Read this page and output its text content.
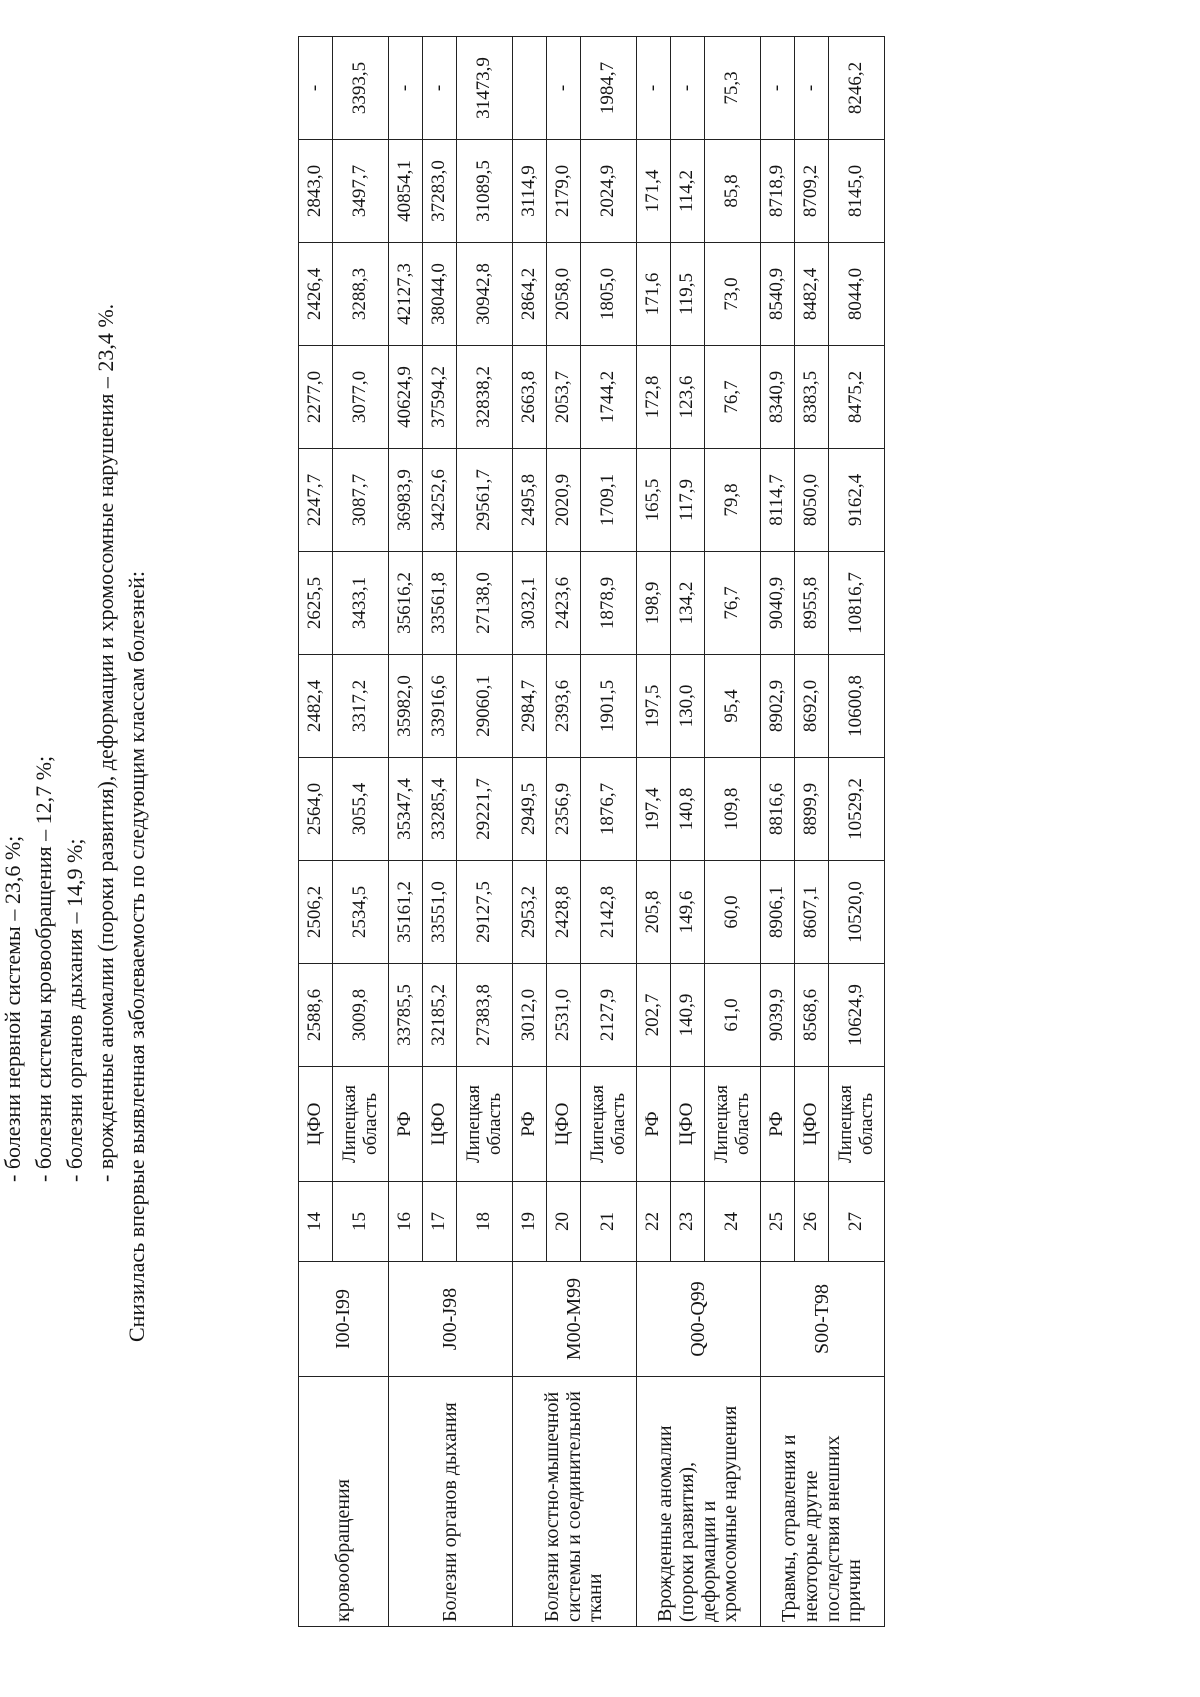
кровообращения	I00-I99	14	ЦФО	2588,6	2506,2	2564,0	2482,4	2625,5	2247,7	2277,0	2426,4	2843,0	-
		15	Липецкая область	3009,8	2534,5	3055,4	3317,2	3433,1	3087,7	3077,0	3288,3	3497,7	3393,5
Болезни органов дыхания	J00-J98	16	РФ	33785,5	35161,2	35347,4	35982,0	35616,2	36983,9	40624,9	42127,3	40854,1	-
		17	ЦФО	32185,2	33551,0	33285,4	33916,6	33561,8	34252,6	37594,2	38044,0	37283,0	-
		18	Липецкая область	27383,8	29127,5	29221,7	29060,1	27138,0	29561,7	32838,2	30942,8	31089,5	31473,9
Болезни костно-мышечной системы и соединительной ткани	M00-M99	19	РФ	3012,0	2953,2	2949,5	2984,7	3032,1	2495,8	2663,8	2864,2	3114,9	
		20	ЦФО	2531,0	2428,8	2356,9	2393,6	2423,6	2020,9	2053,7	2058,0	2179,0	-
		21	Липецкая область	2127,9	2142,8	1876,7	1901,5	1878,9	1709,1	1744,2	1805,0	2024,9	1984,7
Врожденные аномалии (пороки развития), деформации и хромосомные нарушения	Q00-Q99	22	РФ	202,7	205,8	197,4	197,5	198,9	165,5	172,8	171,6	171,4	-
		23	ЦФО	140,9	149,6	140,8	130,0	134,2	117,9	123,6	119,5	114,2	-
		24	Липецкая область	61,0	60,0	109,8	95,4	76,7	79,8	76,7	73,0	85,8	75,3
Травмы, отравления и некоторые другие последствия внешних причин	S00-T98	25	РФ	9039,9	8906,1	8816,6	8902,9	9040,9	8114,7	8340,9	8540,9	8718,9	-
		26	ЦФО	8568,6	8607,1	8899,9	8692,0	8955,8	8050,0	8383,5	8482,4	8709,2	-
		27	Липецкая область	10624,9	10520,0	10529,2	10600,8	10816,7	9162,4	8475,2	8044,0	8145,0	8246,2

- болезни нервной системы – 23,6 %; - болезни системы кровообращения – 12,7 %; - болезни органов дыхания – 14,9 %; - врожденные аномалии (пороки развития), деформации и хромосомные нарушения – 23,4 %. Снизилась впервые выявленная заболеваемость по следующим классам болезней:
